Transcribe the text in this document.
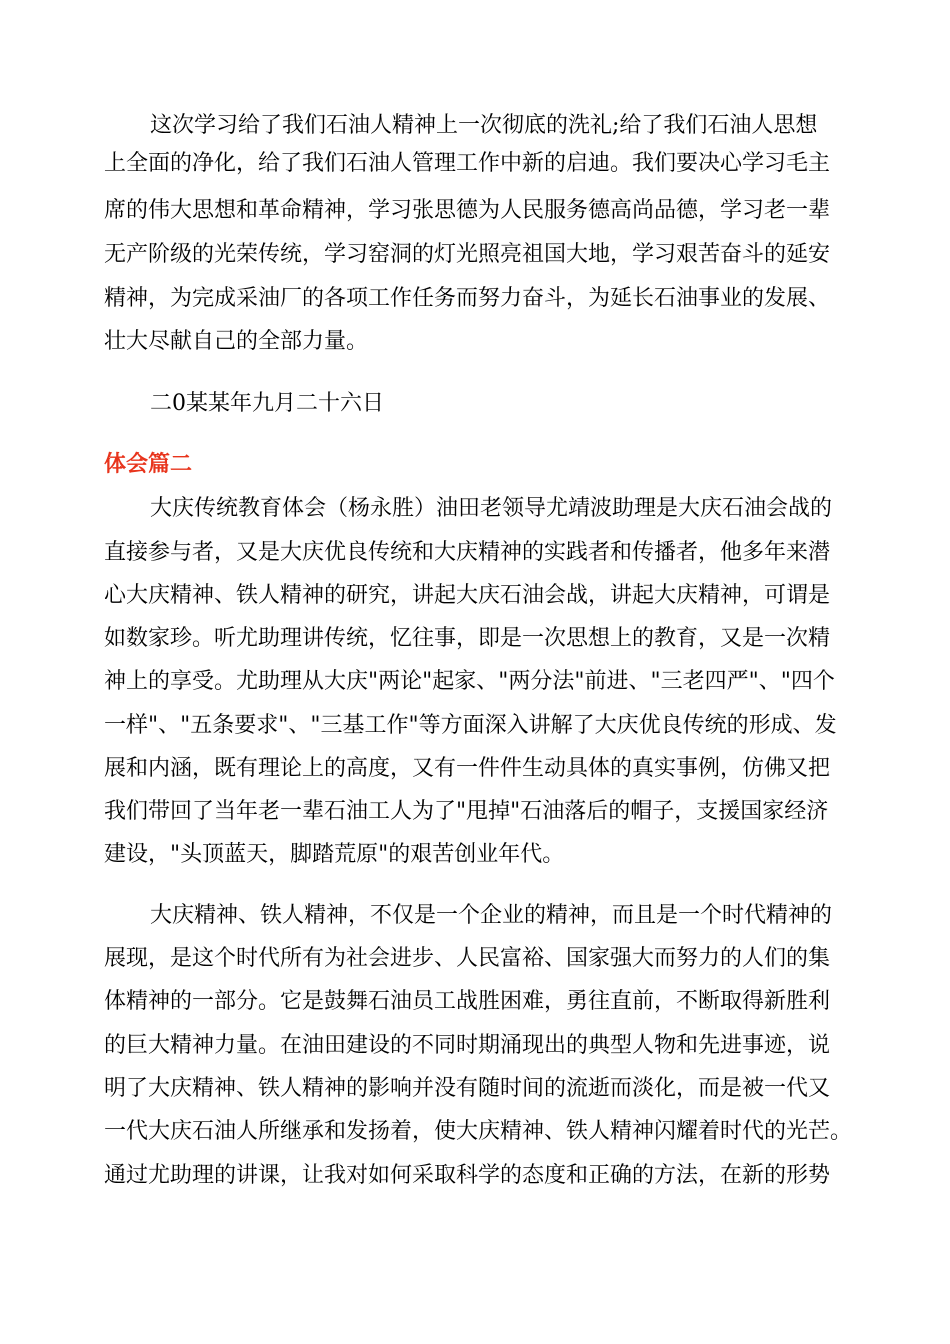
这次学习给了我们石油人精神上一次彻底的洗礼;给了我们石油人思想
上全面的净化，给了我们石油人管理工作中新的启迪。我们要决心学习毛主
席的伟大思想和革命精神，学习张思德为人民服务德高尚品德，学习老一辈
无产阶级的光荣传统，学习窑洞的灯光照亮祖国大地，学习艰苦奋斗的延安
精神，为完成采油厂的各项工作任务而努力奋斗，为延长石油事业的发展、
壮大尽献自己的全部力量。
二0某某年九月二十六日
体会篇二
大庆传统教育体会（杨永胜）油田老领导尤靖波助理是大庆石油会战的
直接参与者，又是大庆优良传统和大庆精神的实践者和传播者，他多年来潜
心大庆精神、铁人精神的研究，讲起大庆石油会战，讲起大庆精神，可谓是
如数家珍。听尤助理讲传统，忆往事，即是一次思想上的教育，又是一次精
神上的享受。尤助理从大庆"两论"起家、"两分法"前进、"三老四严"、"四个
一样"、"五条要求"、"三基工作"等方面深入讲解了大庆优良传统的形成、发
展和内涵，既有理论上的高度，又有一件件生动具体的真实事例，仿佛又把
我们带回了当年老一辈石油工人为了"甩掉"石油落后的帽子，支援国家经济
建设，"头顶蓝天，脚踏荒原"的艰苦创业年代。
大庆精神、铁人精神，不仅是一个企业的精神，而且是一个时代精神的
展现，是这个时代所有为社会进步、人民富裕、国家强大而努力的人们的集
体精神的一部分。它是鼓舞石油员工战胜困难，勇往直前，不断取得新胜利
的巨大精神力量。在油田建设的不同时期涌现出的典型人物和先进事迹，说
明了大庆精神、铁人精神的影响并没有随时间的流逝而淡化，而是被一代又
一代大庆石油人所继承和发扬着，使大庆精神、铁人精神闪耀着时代的光芒。
通过尤助理的讲课，让我对如何采取科学的态度和正确的方法，在新的形势
